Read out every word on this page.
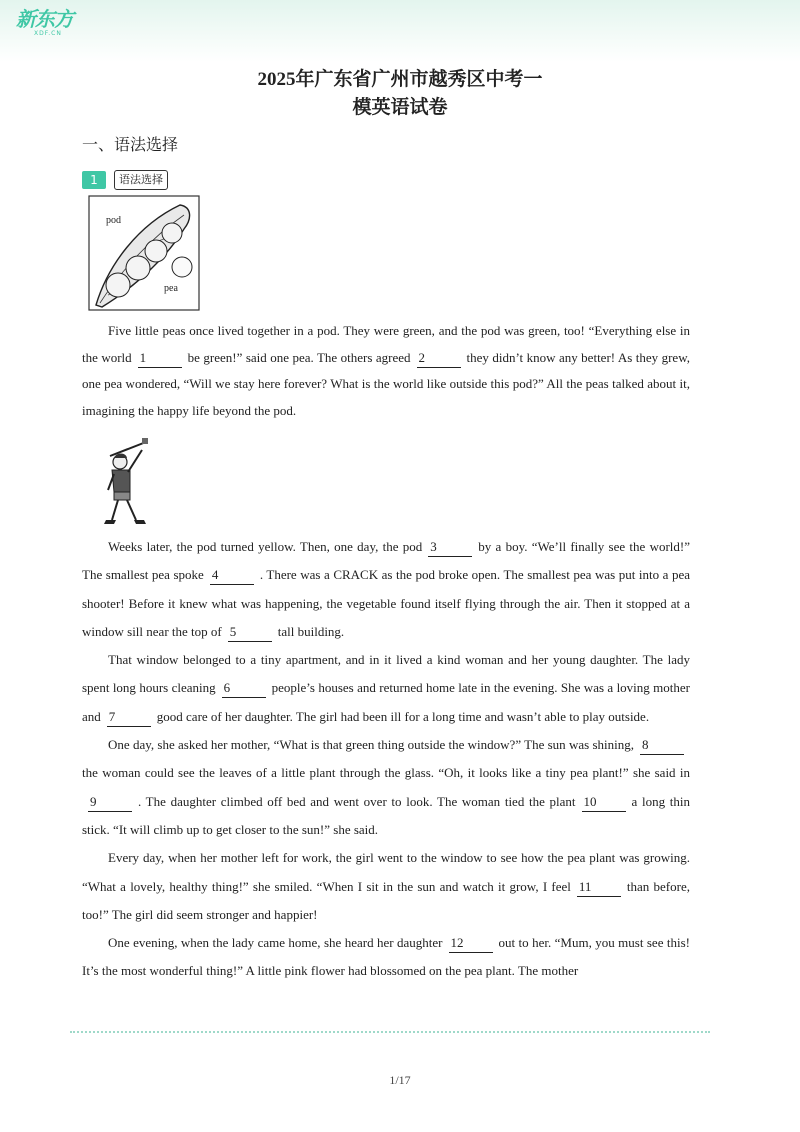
新东方
XDF.CN
2025年广东省广州市越秀区中考一
模英语试卷
一、语法选择
1	语法选择
pod
pea

Five little peas once lived together in a pod. They were green, and the pod was green, too! “Everything else in the world 1	be green!” said one pea. The others agreed 2	they didn’t know any better! As they grew, one pea wondered, “Will we stay here forever? What is the world like outside this pod?” All the peas talked about it, imagining the happy life beyond the pod.

Weeks later, the pod turned yellow. Then, one day, the pod 3	by a boy. “We’ll finally see the world!” The smallest pea spoke 4	. There was a CRACK as the pod broke open. The smallest pea was put into a pea shooter! Before it knew what was happening, the vegetable found itself flying through the air. Then it stopped at a window sill near the top of 5	tall building.
That window belonged to a tiny apartment, and in it lived a kind woman and her young daughter. The lady spent long hours cleaning 6	people’s houses and returned home late in the evening. She was a loving mother and 7	good care of her daughter. The girl had been ill for a long time and wasn’t able to play outside.
One day, she asked her mother, “What is that green thing outside the window?” The sun was shining, 8the woman could see the leaves of a little plant through the glass. “Oh, it looks like a tiny pea plant!” she said in9	. The daughter climbed off bed and went over to look. The woman tied the plant 10	a long thin stick. “It will climb up to get closer to the sun!” she said.
Every day, when her mother left for work, the girl went to the window to see how the pea plant was growing. “What a lovely, healthy thing!” she smiled. “When I sit in the sun and watch it grow, I feel 11	than before, too!” The girl did seem stronger and happier!
One evening, when the lady came home, she heard her daughter 12	out to her. “Mum, you must see this! It’s the most wonderful thing!” A little pink flower had blossomed on the pea plant. The mother
1/17
